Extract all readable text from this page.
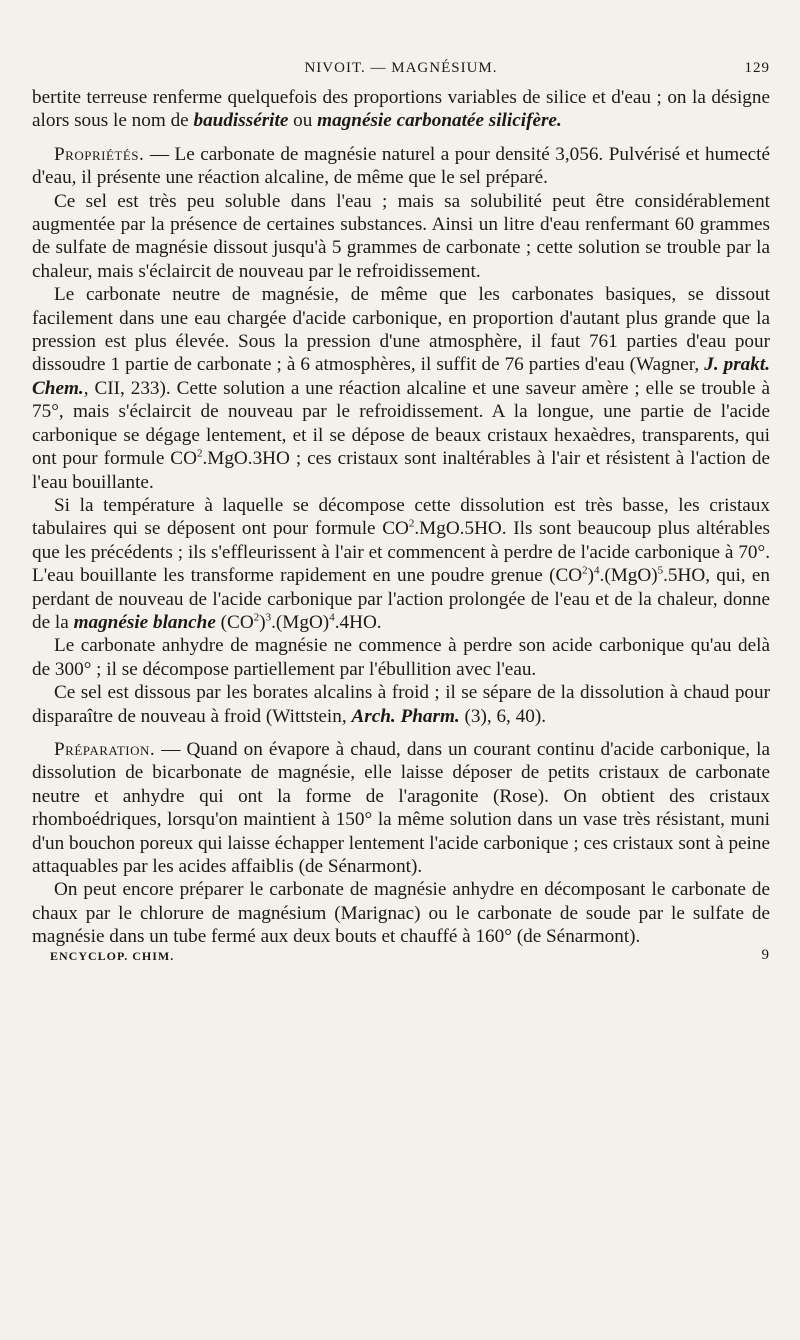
NIVOIT. — MAGNÉSIUM.	129

bertite terreuse renferme quelquefois des proportions variables de silice et d'eau ; on la désigne alors sous le nom de baudissérite ou magnésie carbonatée silicifère.

Propriétés. — Le carbonate de magnésie naturel a pour densité 3,056. Pulvérisé et humecté d'eau, il présente une réaction alcaline, de même que le sel préparé.

Ce sel est très peu soluble dans l'eau ; mais sa solubilité peut être considérablement augmentée par la présence de certaines substances. Ainsi un litre d'eau renfermant 60 grammes de sulfate de magnésie dissout jusqu'à 5 grammes de carbonate ; cette solution se trouble par la chaleur, mais s'éclaircit de nouveau par le refroidissement.

Le carbonate neutre de magnésie, de même que les carbonates basiques, se dissout facilement dans une eau chargée d'acide carbonique, en proportion d'autant plus grande que la pression est plus élevée. Sous la pression d'une atmosphère, il faut 761 parties d'eau pour dissoudre 1 partie de carbonate ; à 6 atmosphères, il suffit de 76 parties d'eau (Wagner, J. prakt. Chem., CII, 233). Cette solution a une réaction alcaline et une saveur amère ; elle se trouble à 75°, mais s'éclaircit de nouveau par le refroidissement. A la longue, une partie de l'acide carbonique se dégage lentement, et il se dépose de beaux cristaux hexaèdres, transparents, qui ont pour formule $CO^2.MgO.3HO$ ; ces cristaux sont inaltérables à l'air et résistent à l'action de l'eau bouillante.

Si la température à laquelle se décompose cette dissolution est très basse, les cristaux tabulaires qui se déposent ont pour formule $CO^2.MgO.5HO$. Ils sont beaucoup plus altérables que les précédents ; ils s'effleurissent à l'air et commencent à perdre de l'acide carbonique à 70°. L'eau bouillante les transforme rapidement en une poudre grenue $(CO^2)^4.(MgO)^5.5HO$, qui, en perdant de nouveau de l'acide carbonique par l'action prolongée de l'eau et de la chaleur, donne de la magnésie blanche $(CO^2)^3.(MgO)^4.4HO$.

Le carbonate anhydre de magnésie ne commence à perdre son acide carbonique qu'au delà de 300° ; il se décompose partiellement par l'ébullition avec l'eau.

Ce sel est dissous par les borates alcalins à froid ; il se sépare de la dissolution à chaud pour disparaître de nouveau à froid (Wittstein, Arch. Pharm. (3), 6, 40).

Préparation. — Quand on évapore à chaud, dans un courant continu d'acide carbonique, la dissolution de bicarbonate de magnésie, elle laisse déposer de petits cristaux de carbonate neutre et anhydre qui ont la forme de l'aragonite (Rose). On obtient des cristaux rhomboédriques, lorsqu'on maintient à 150° la même solution dans un vase très résistant, muni d'un bouchon poreux qui laisse échapper lentement l'acide carbonique ; ces cristaux sont à peine attaquables par les acides affaiblis (de Sénarmont).

On peut encore préparer le carbonate de magnésie anhydre en décomposant le carbonate de chaux par le chlorure de magnésium (Marignac) ou le carbonate de soude par le sulfate de magnésie dans un tube fermé aux deux bouts et chauffé à 160° (de Sénarmont).

ENCYCLOP. CHIM.	9
